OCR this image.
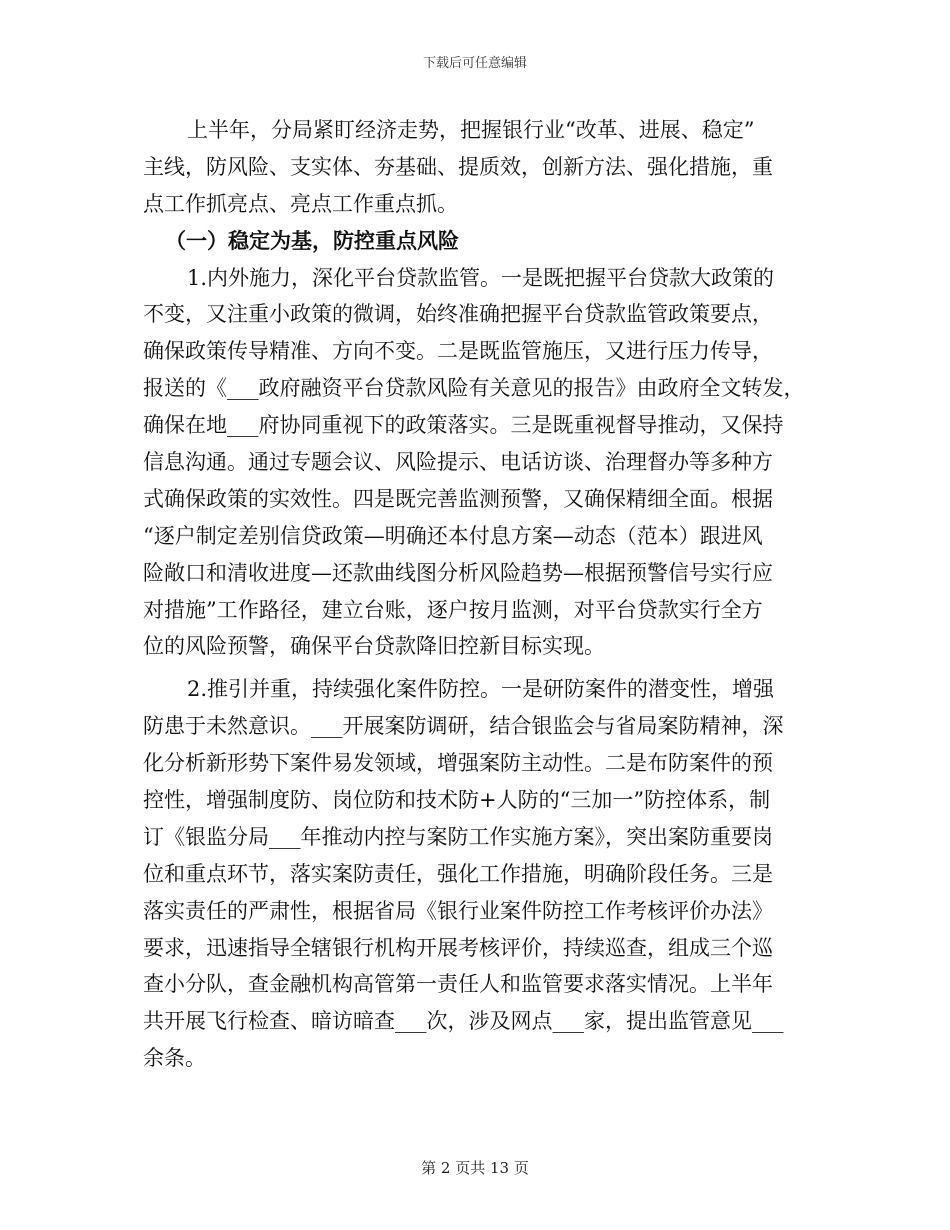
下载后可任意编辑
上半年，分局紧盯经济走势，把握银行业“改革、进展、稳定”
主线，防风险、支实体、夯基础、提质效，创新方法、强化措施，重
点工作抓亮点、亮点工作重点抓。
（一）稳定为基，防控重点风险
1.内外施力，深化平台贷款监管。一是既把握平台贷款大政策的
不变，又注重小政策的微调，始终准确把握平台贷款监管政策要点，
确保政策传导精准、方向不变。二是既监管施压，又进行压力传导，
报送的《___政府融资平台贷款风险有关意见的报告》由政府全文转发，
确保在地___府协同重视下的政策落实。三是既重视督导推动，又保持
信息沟通。通过专题会议、风险提示、电话访谈、治理督办等多种方
式确保政策的实效性。四是既完善监测预警，又确保精细全面。根据
“逐户制定差别信贷政策—明确还本付息方案—动态（范本）跟进风
险敞口和清收进度—还款曲线图分析风险趋势—根据预警信号实行应
对措施”工作路径，建立台账，逐户按月监测，对平台贷款实行全方
位的风险预警，确保平台贷款降旧控新目标实现。
2.推引并重，持续强化案件防控。一是研防案件的潜变性，增强
防患于未然意识。___开展案防调研，结合银监会与省局案防精神，深
化分析新形势下案件易发领域，增强案防主动性。二是布防案件的预
控性，增强制度防、岗位防和技术防+人防的“三加一”防控体系，制
订《银监分局___年推动内控与案防工作实施方案》，突出案防重要岗
位和重点环节，落实案防责任，强化工作措施，明确阶段任务。三是
落实责任的严肃性，根据省局《银行业案件防控工作考核评价办法》
要求，迅速指导全辖银行机构开展考核评价，持续巡查，组成三个巡
查小分队，查金融机构高管第一责任人和监管要求落实情况。上半年
共开展飞行检查、暗访暗查___次，涉及网点___家，提出监管意见___
余条。
第 2 页共 13 页
